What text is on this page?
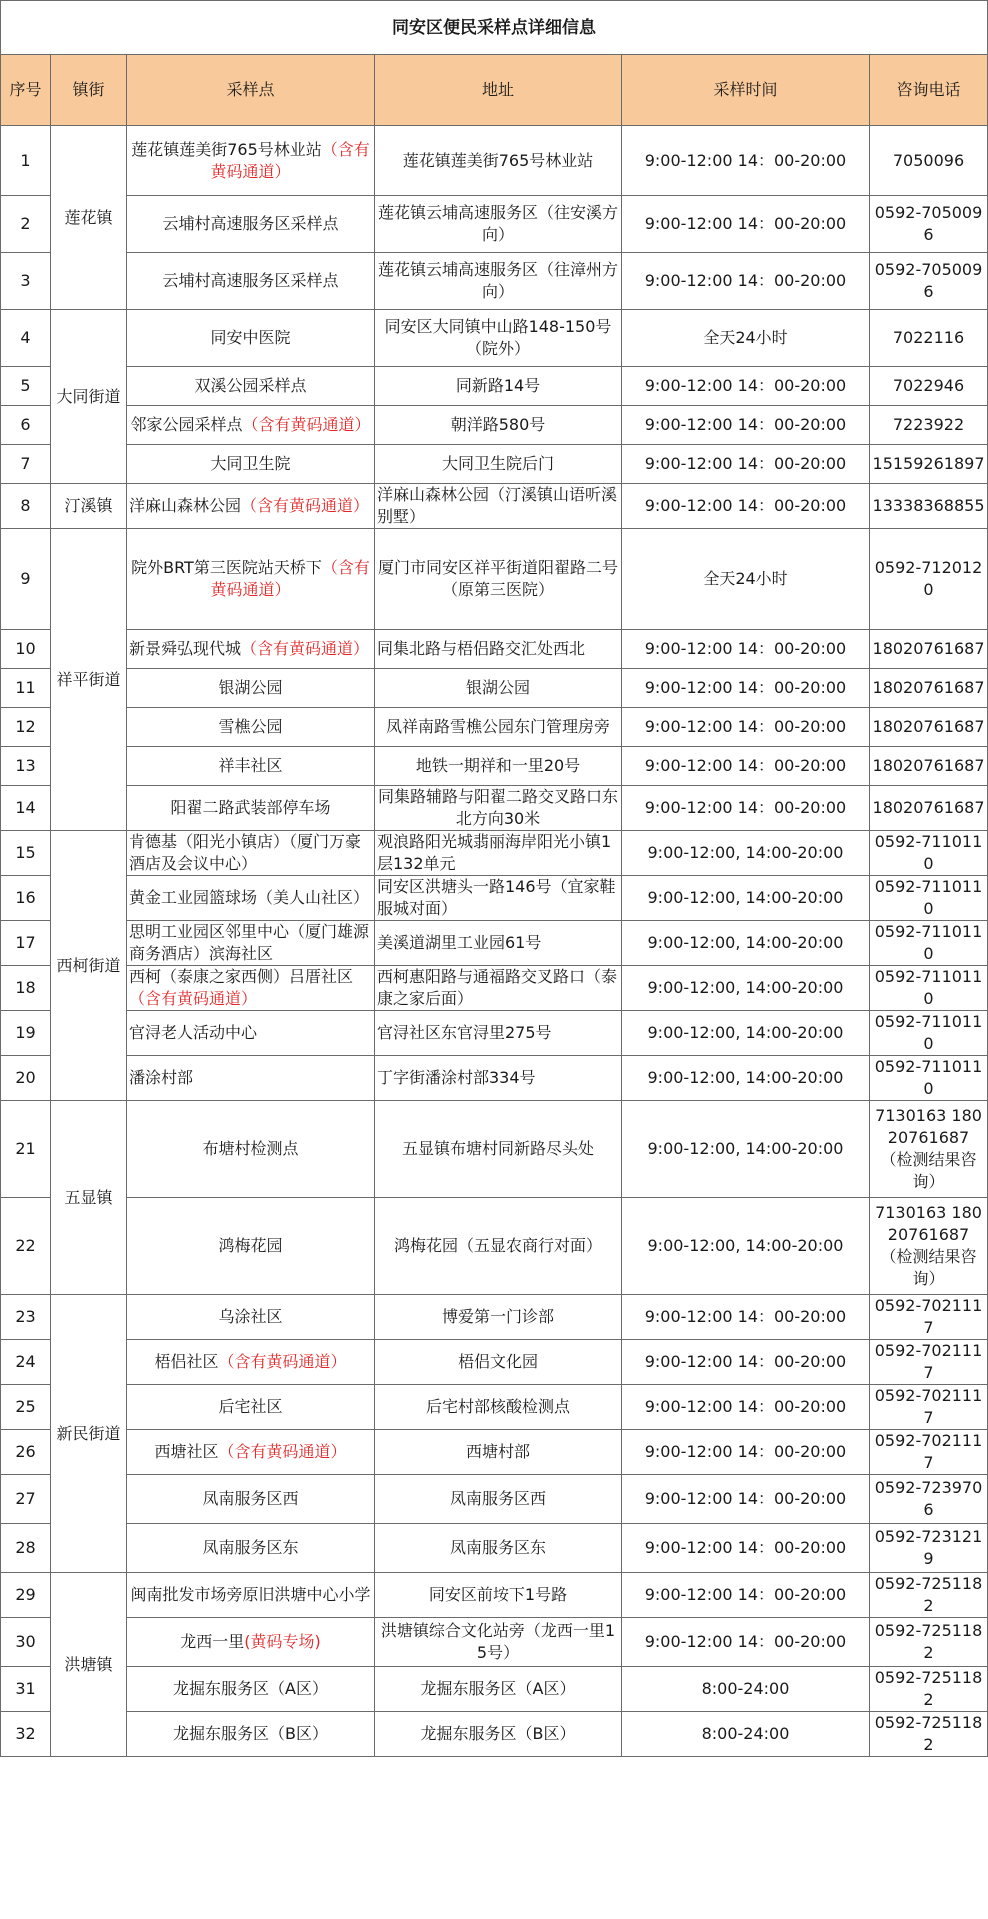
同安区便民采样点详细信息					
序号	镇街	采样点	地址	采样时间	咨询电话
1	莲花镇	莲花镇莲美街765号林业站（含有黄码通道）	莲花镇莲美街765号林业站	9:00-12:00 14：00-20:00	7050096
2		云埔村高速服务区采样点	莲花镇云埔高速服务区（往安溪方向）	9:00-12:00 14：00-20:00	0592-7050096
3		云埔村高速服务区采样点	莲花镇云埔高速服务区（往漳州方向）	9:00-12:00 14：00-20:00	0592-7050096
4	大同街道	同安中医院	同安区大同镇中山路148-150号（院外）	全天24小时	7022116
5		双溪公园采样点	同新路14号	9:00-12:00 14：00-20:00	7022946
6		邻家公园采样点（含有黄码通道）	朝洋路580号	9:00-12:00 14：00-20:00	7223922
7		大同卫生院	大同卫生院后门	9:00-12:00 14：00-20:00	15159261897
8	汀溪镇	洋麻山森林公园（含有黄码通道）	洋麻山森林公园（汀溪镇山语听溪别墅）	9:00-12:00 14：00-20:00	13338368855
9	祥平街道	院外BRT第三医院站天桥下（含有黄码通道）	厦门市同安区祥平街道阳翟路二号（原第三医院）	全天24小时	0592-7120120
10		新景舜弘现代城（含有黄码通道）	同集北路与梧侣路交汇处西北	9:00-12:00 14：00-20:00	18020761687
11		银湖公园	银湖公园	9:00-12:00 14：00-20:00	18020761687
12		雪樵公园	凤祥南路雪樵公园东门管理房旁	9:00-12:00 14：00-20:00	18020761687
13		祥丰社区	地铁一期祥和一里20号	9:00-12:00 14：00-20:00	18020761687
14		阳翟二路武装部停车场	同集路辅路与阳翟二路交叉路口东北方向30米	9:00-12:00 14：00-20:00	18020761687
15	西柯街道	肯德基（阳光小镇店）（厦门万豪酒店及会议中心）	观浪路阳光城翡丽海岸阳光小镇1层132单元	9:00-12:00, 14:00-20:00	0592-7110110
16		黄金工业园篮球场（美人山社区）	同安区洪塘头一路146号（宜家鞋服城对面）	9:00-12:00, 14:00-20:00	0592-7110110
17		思明工业园区邻里中心（厦门雄源商务酒店）滨海社区	美溪道湖里工业园61号	9:00-12:00, 14:00-20:00	0592-7110110
18		西柯（泰康之家西侧）吕厝社区（含有黄码通道）	西柯惠阳路与通福路交叉路口（泰康之家后面）	9:00-12:00, 14:00-20:00	0592-7110110
19		官浔老人活动中心	官浔社区东官浔里275号	9:00-12:00, 14:00-20:00	0592-7110110
20		潘涂村部	丁字街潘涂村部334号	9:00-12:00, 14:00-20:00	0592-7110110
21	五显镇	布塘村检测点	五显镇布塘村同新路尽头处	9:00-12:00, 14:00-20:00	7130163 18020761687 （检测结果咨询）
22		鸿梅花园	鸿梅花园（五显农商行对面）	9:00-12:00, 14:00-20:00	7130163 18020761687 （检测结果咨询）
23	新民街道	乌涂社区	博爱第一门诊部	9:00-12:00 14：00-20:00	0592-7021117
24		梧侣社区（含有黄码通道）	梧侣文化园	9:00-12:00 14：00-20:00	0592-7021117
25		后宅社区	后宅村部核酸检测点	9:00-12:00 14：00-20:00	0592-7021117
26		西塘社区（含有黄码通道）	西塘村部	9:00-12:00 14：00-20:00	0592-7021117
27		凤南服务区西	凤南服务区西	9:00-12:00 14：00-20:00	0592-7239706
28		凤南服务区东	凤南服务区东	9:00-12:00 14：00-20:00	0592-7231219
29	洪塘镇	闽南批发市场旁原旧洪塘中心小学	同安区前垵下1号路	9:00-12:00 14：00-20:00	0592-7251182
30		龙西一里(黄码专场)	洪塘镇综合文化站旁（龙西一里15号）	9:00-12:00 14：00-20:00	0592-7251182
31		龙掘东服务区（A区）	龙掘东服务区（A区）	8:00-24:00	0592-7251182
32		龙掘东服务区（B区）	龙掘东服务区（B区）	8:00-24:00	0592-7251182
